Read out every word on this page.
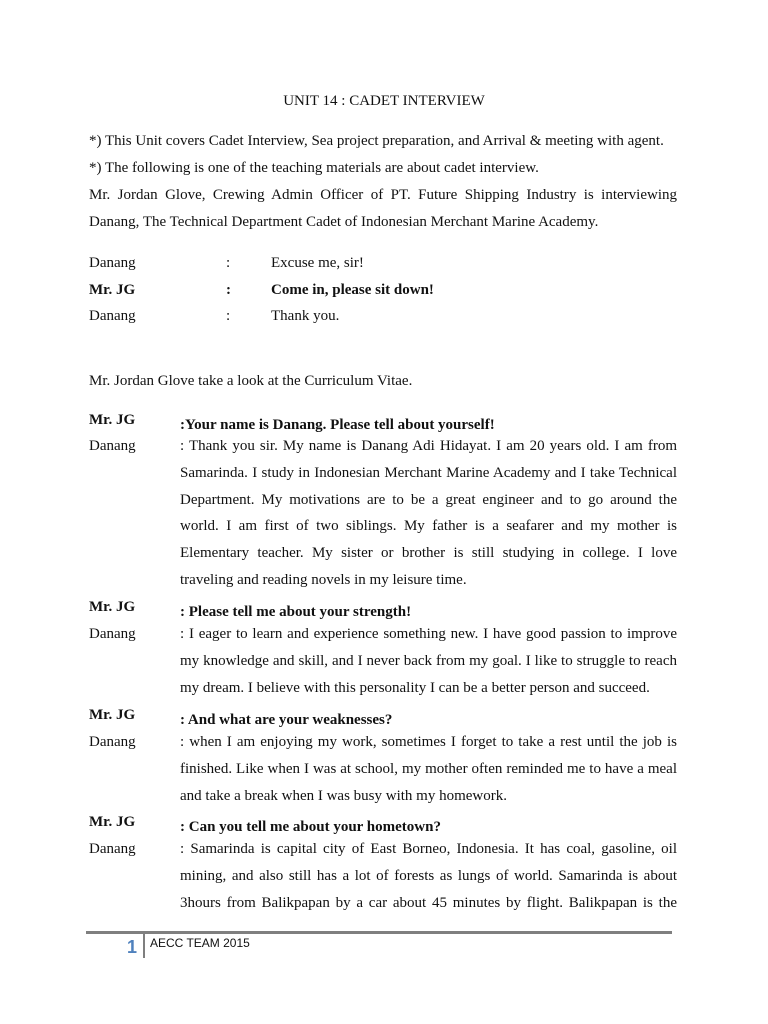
UNIT 14 : CADET INTERVIEW

*) This Unit covers Cadet Interview, Sea project preparation, and Arrival & meeting with agent.

*) The following is one of the teaching materials are about cadet interview.

Mr. Jordan Glove, Crewing Admin Officer of PT. Future Shipping Industry is interviewing Danang, The Technical Department Cadet of Indonesian Merchant Marine Academy.

Danang	:	Excuse me, sir!
Mr. JG	:	Come in, please sit down!
Danang	:	Thank you.
Mr. Jordan Glove take a look at the Curriculum Vitae.
Mr. JG	:Your name is Danang. Please tell about yourself!
Danang	: Thank you sir. My name is Danang Adi Hidayat. I am 20 years old. I am from Samarinda. I study in Indonesian Merchant Marine Academy and I take Technical Department. My motivations are to be a great engineer and to go around the world. I am first of two siblings. My father is a seafarer and my mother is Elementary teacher. My sister or brother is still studying in college. I love traveling and reading novels in my leisure time.
Mr. JG	: Please tell me about your strength!
Danang	: I eager to learn and experience something new. I have good passion to improve my knowledge and skill, and I never back from my goal. I like to struggle to reach my dream. I believe with this personality I can be a better person and succeed.
Mr. JG	: And what are your weaknesses?
Danang	: when I am enjoying my work, sometimes I forget to take a rest until the job is finished. Like when I was at school, my mother often reminded me to have a meal and take a break when I was busy with my homework.
Mr. JG	: Can you tell me about your hometown?
Danang	: Samarinda is capital city of East Borneo, Indonesia. It has coal, gasoline, oil mining, and also still has a lot of forests as lungs of world. Samarinda is about 3hours from Balikpapan by a car about 45 minutes by flight. Balikpapan is the
1 AECC TEAM 2015
